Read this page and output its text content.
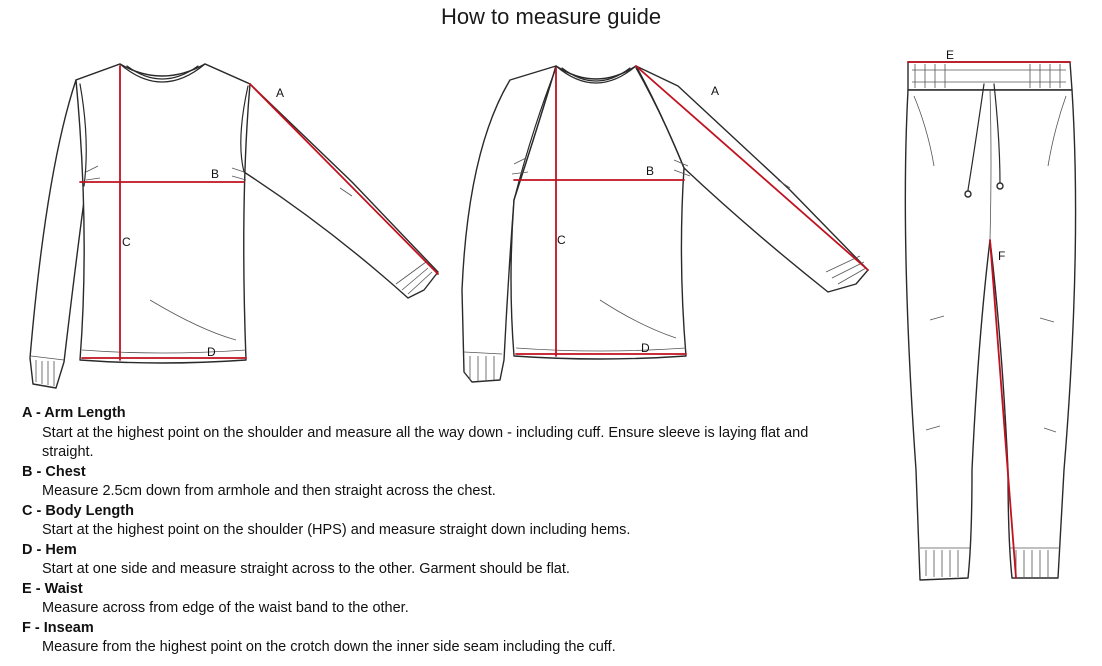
How to measure guide
A
B
C
D
A
B
C
D
E
F
A - Arm Length
Start at the highest point on the shoulder and measure all the way down - including cuff. Ensure sleeve is laying flat and straight.
B - Chest
Measure 2.5cm down from armhole and then straight across the chest.
C - Body Length
Start at the highest point on the shoulder (HPS) and measure straight down including hems.
D - Hem
Start at one side and measure straight across to the other. Garment should be flat.
E - Waist
Measure across from edge of the waist band to the other.
F - Inseam
Measure from the highest point on the crotch down the inner side seam including the cuff.
